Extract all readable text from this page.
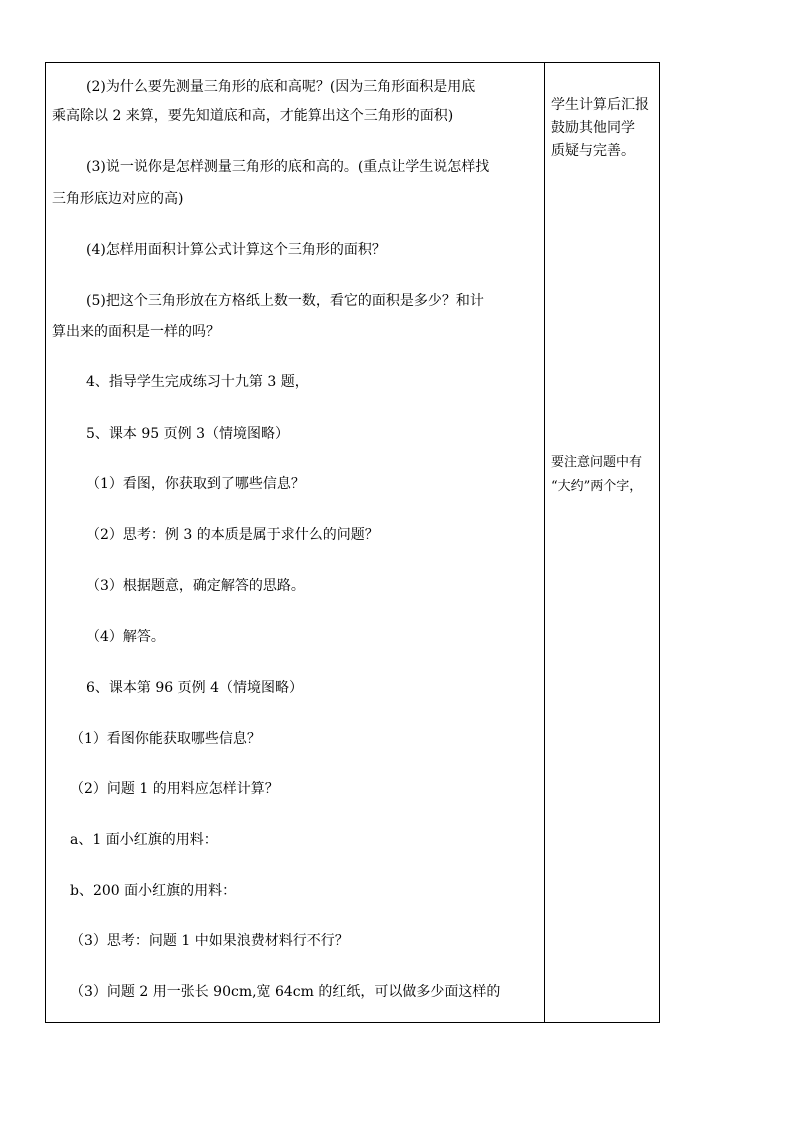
(2)为什么要先测量三角形的底和高呢？(因为三角形面积是用底
乘高除以 2 来算，要先知道底和高，才能算出这个三角形的面积)
(3)说一说你是怎样测量三角形的底和高的。(重点让学生说怎样找
三角形底边对应的高)
(4)怎样用面积计算公式计算这个三角形的面积？
(5)把这个三角形放在方格纸上数一数，看它的面积是多少？和计
算出来的面积是一样的吗？
4、指导学生完成练习十九第 3 题，
5、课本 95 页例 3（情境图略）
（1）看图，你获取到了哪些信息？
（2）思考：例 3 的本质是属于求什么的问题？
（3）根据题意，确定解答的思路。
（4）解答。
6、课本第 96 页例 4（情境图略）
（1）看图你能获取哪些信息？
（2）问题 1 的用料应怎样计算？
a、1 面小红旗的用料：
b、200 面小红旗的用料：
（3）思考：问题 1 中如果浪费材料行不行？
（3）问题 2 用一张长 90cm,宽 64cm 的红纸，可以做多少面这样的
学生计算后汇报
鼓励其他同学
质疑与完善。
要注意问题中有
“大约”两个字，
